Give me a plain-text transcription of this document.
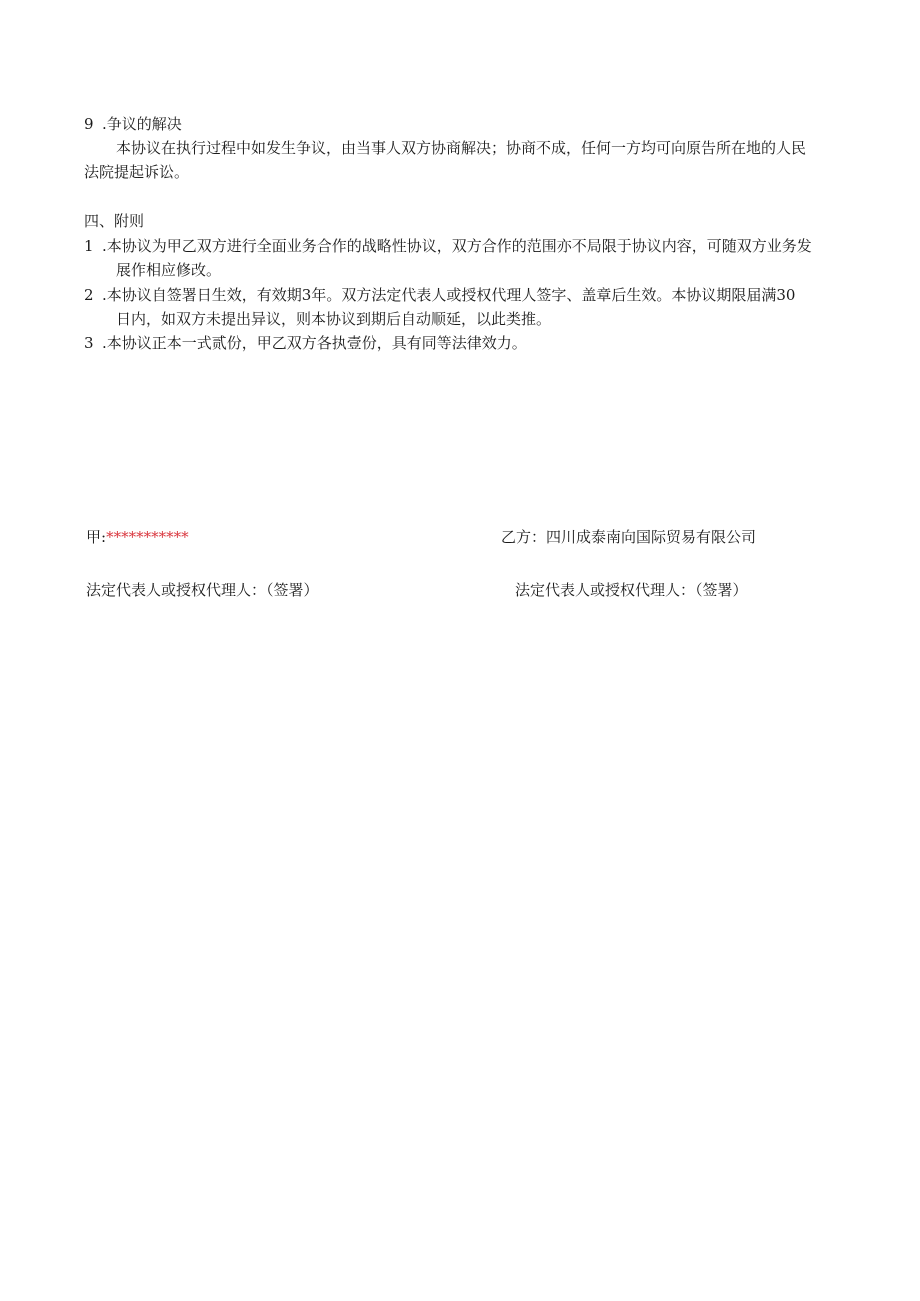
9 .争议的解决
本协议在执行过程中如发生争议，由当事人双方协商解决；协商不成，任何一方均可向原告所在地的人民
法院提起诉讼。
四、附则
1 .本协议为甲乙双方进行全面业务合作的战略性协议，双方合作的范围亦不局限于协议内容，可随双方业务发
展作相应修改。
2 .本协议自签署日生效，有效期3年。双方法定代表人或授权代理人签字、盖章后生效。本协议期限届满30
日内，如双方未提出异议，则本协议到期后自动顺延，以此类推。
3 .本协议正本一式贰份，甲乙双方各执壹份，具有同等法律效力。
甲:***********	乙方：四川成泰南向国际贸易有限公司
法定代表人或授权代理人：（签署）	法定代表人或授权代理人：（签署）
